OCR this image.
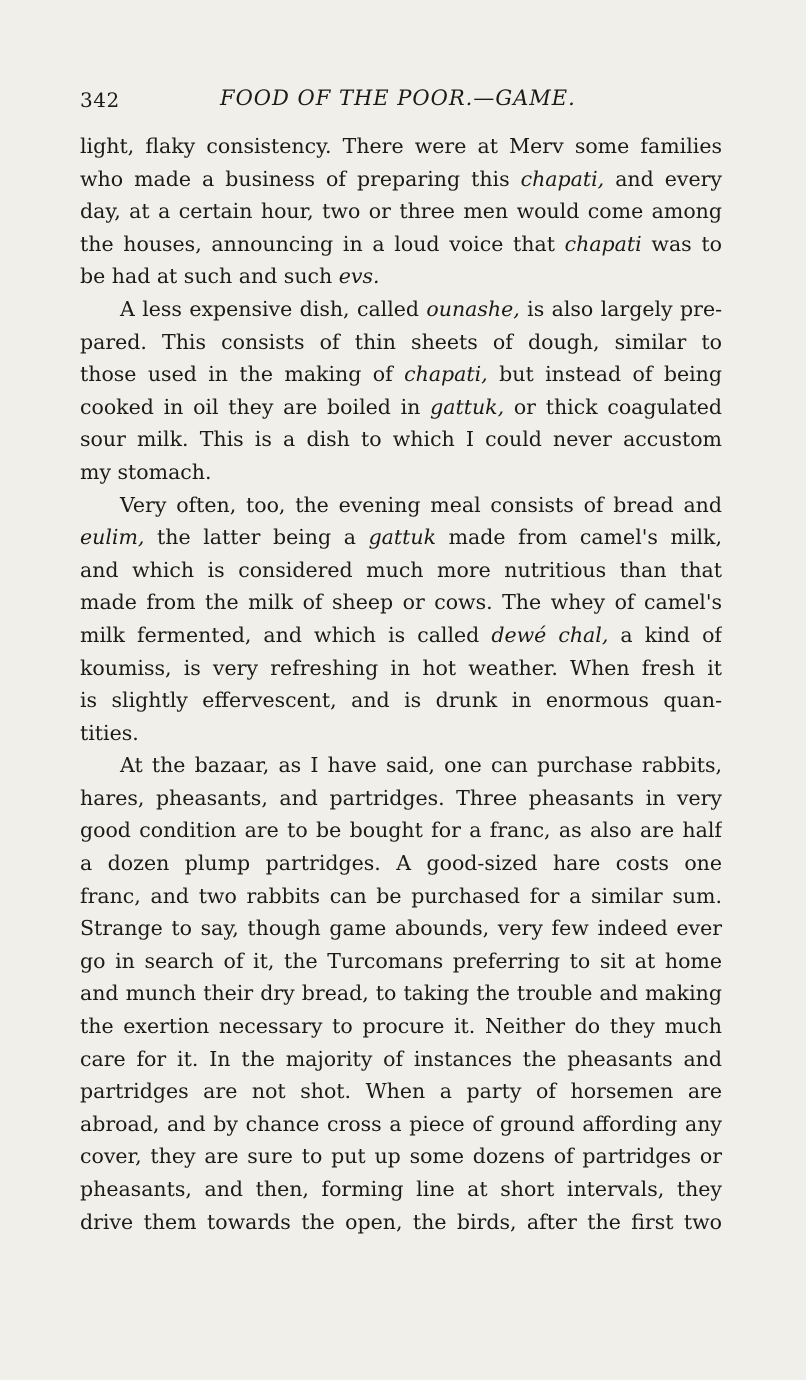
342	FOOD OF THE POOR.—GAME.
light, flaky consistency. There were at Merv some families
who made a business of preparing this chapati, and every
day, at a certain hour, two or three men would come among
the houses, announcing in a loud voice that chapati was to
be had at such and such evs.
A less expensive dish, called ounashe, is also largely pre-
pared. This consists of thin sheets of dough, similar to
those used in the making of chapati, but instead of being
cooked in oil they are boiled in gattuk, or thick coagulated
sour milk. This is a dish to which I could never accustom
my stomach.
Very often, too, the evening meal consists of bread and
eulim, the latter being a gattuk made from camel's milk,
and which is considered much more nutritious than that
made from the milk of sheep or cows. The whey of camel's
milk fermented, and which is called dewé chal, a kind of
koumiss, is very refreshing in hot weather. When fresh it
is slightly effervescent, and is drunk in enormous quan-
tities.
At the bazaar, as I have said, one can purchase rabbits,
hares, pheasants, and partridges. Three pheasants in very
good condition are to be bought for a franc, as also are half
a dozen plump partridges. A good-sized hare costs one
franc, and two rabbits can be purchased for a similar sum.
Strange to say, though game abounds, very few indeed ever
go in search of it, the Turcomans preferring to sit at home
and munch their dry bread, to taking the trouble and making
the exertion necessary to procure it. Neither do they much
care for it. In the majority of instances the pheasants and
partridges are not shot. When a party of horsemen are
abroad, and by chance cross a piece of ground affording any
cover, they are sure to put up some dozens of partridges or
pheasants, and then, forming line at short intervals, they
drive them towards the open, the birds, after the first two
